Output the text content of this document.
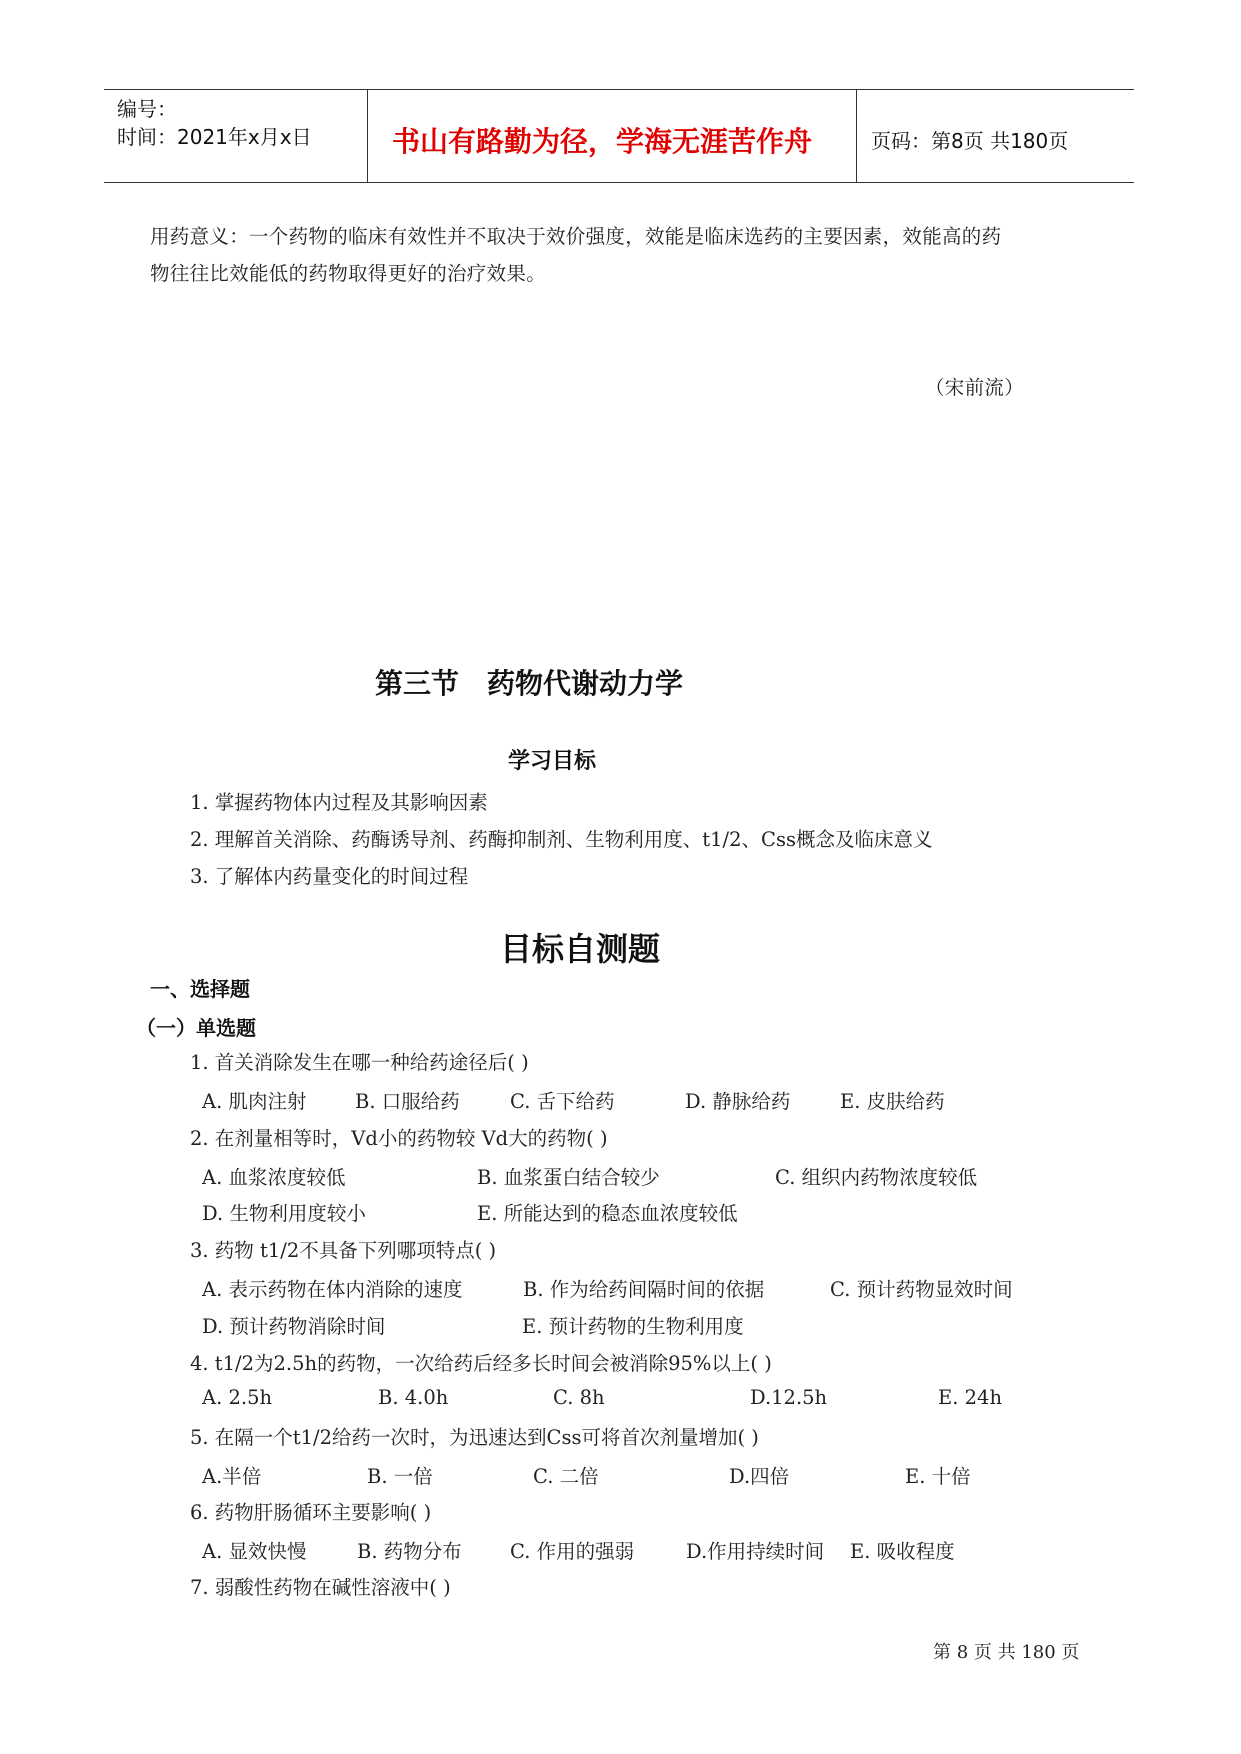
编号：
时间：2021年x月x日	书山有路勤为径，学海无涯苦作舟	页码：第8页 共180页
用药意义：一个药物的临床有效性并不取决于效价强度，效能是临床选药的主要因素，效能高的药
物往往比效能低的药物取得更好的治疗效果。
（宋前流）
第三节　药物代谢动力学
学习目标
1. 掌握药物体内过程及其影响因素
2. 理解首关消除、药酶诱导剂、药酶抑制剂、生物利用度、t1/2、Css概念及临床意义
3. 了解体内药量变化的时间过程
目标自测题
一、选择题
（一）单选题
1. 首关消除发生在哪一种给药途径后( )
A. 肌肉注射 B. 口服给药	C. 舌下给药	D. 静脉给药	E. 皮肤给药
2. 在剂量相等时，Vd小的药物较 Vd大的药物( )
A. 血浆浓度较低	B. 血浆蛋白结合较少	C. 组织内药物浓度较低
D. 生物利用度较小	E. 所能达到的稳态血浓度较低
3. 药物 t1/2不具备下列哪项特点( )
A. 表示药物在体内消除的速度	B. 作为给药间隔时间的依据	C. 预计药物显效时间
D. 预计药物消除时间	E. 预计药物的生物利用度
4. t1/2为2.5h的药物，一次给药后经多长时间会被消除95%以上( )
A. 2.5h	B. 4.0h	C. 8h	D.12.5h	E. 24h
5. 在隔一个t1/2给药一次时，为迅速达到Css可将首次剂量增加( )
A.半倍	B. 一倍	C. 二倍	D.四倍	E. 十倍
6. 药物肝肠循环主要影响( )
A. 显效快慢	B. 药物分布 C. 作用的强弱	D.作用持续时间 E. 吸收程度
7. 弱酸性药物在碱性溶液中( )
第 8 页 共 180 页
